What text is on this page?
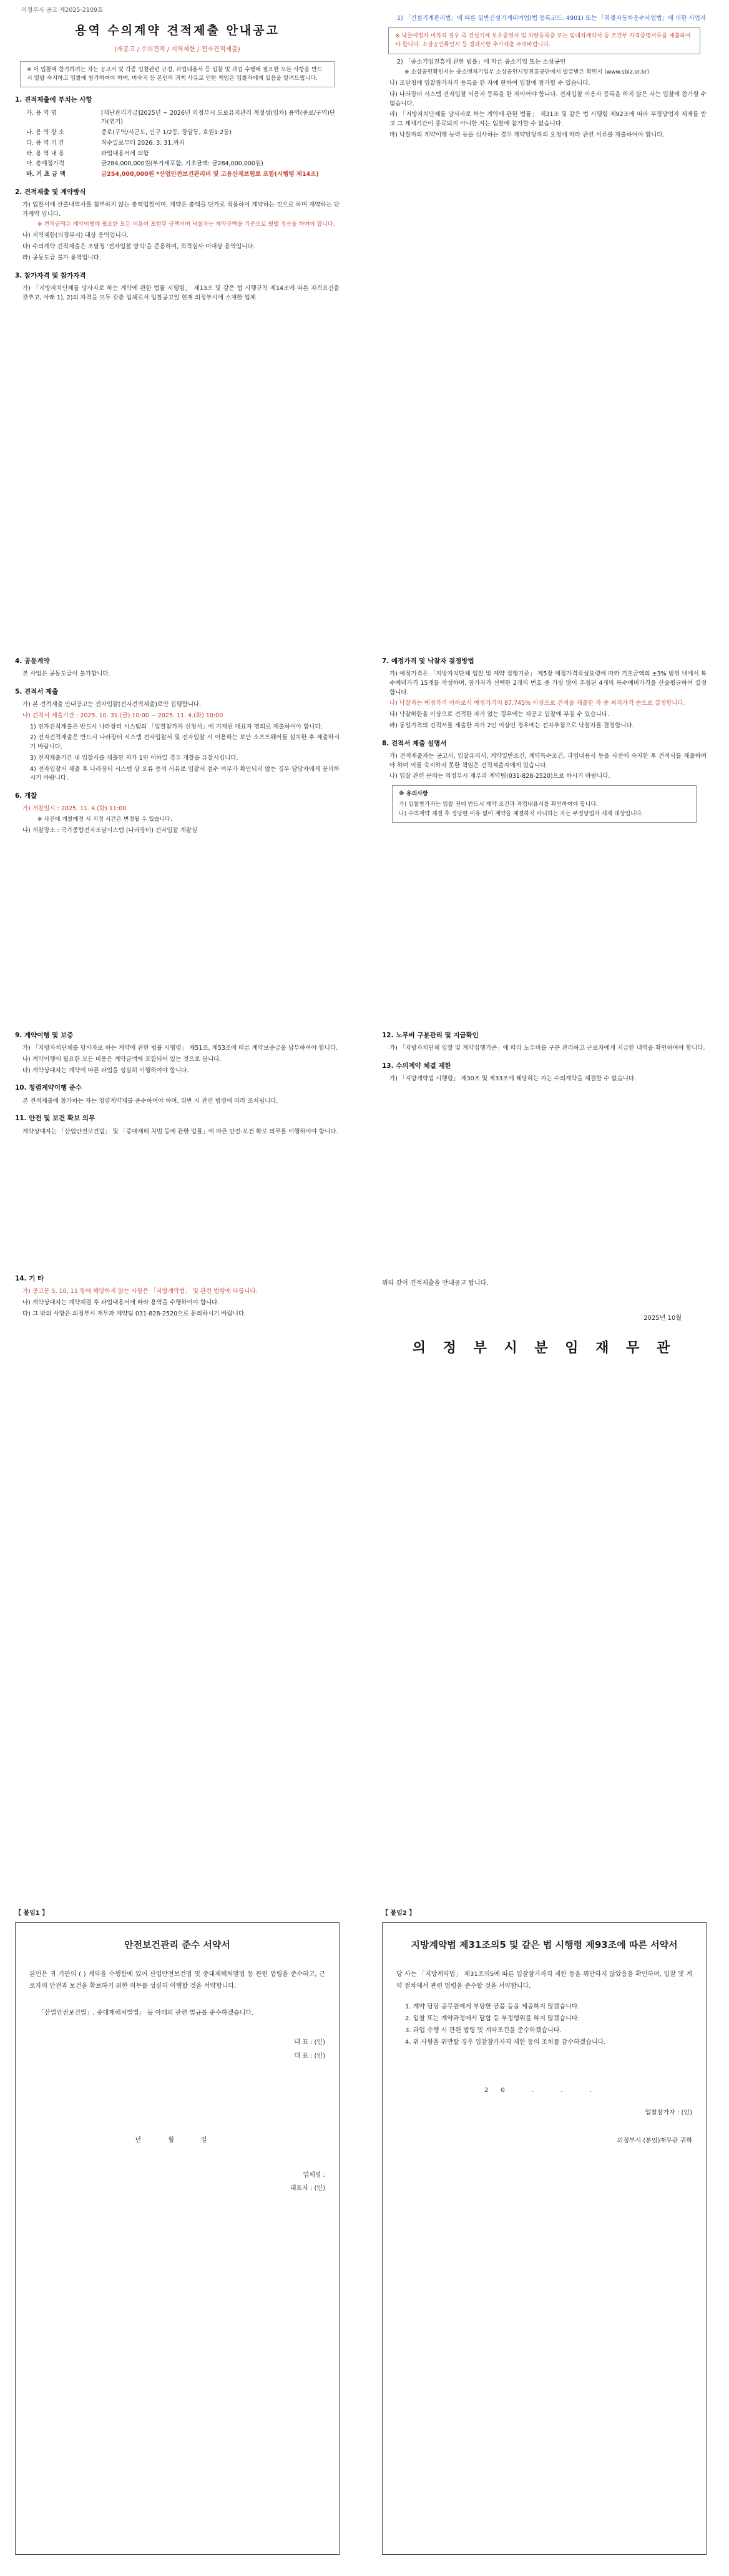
의정부시 공고 제2025-2109호
용역 수의계약 견적제출 안내공고
(재공고 / 수의견적 / 지역제한 / 전자견적제출)
※ 이 입찰에 참가하려는 자는 공고서 및 각종 입찰관련 규정, 과업내용서 등 입찰 및 과업 수행에 필요한 모든 사항을 반드시 열람 숙지하고 입찰에 참가하여야 하며, 미숙지 등 본인의 귀책 사유로 인한 책임은 입찰자에게 있음을 알려드립니다.
1. 견적제출에 부치는 사항
가. 용 역 명	[재난관리기금]2025년 ~ 2026년 의정부시 도로유지관리 계절성(임차) 용역(중로/구역)단가(연기)
나. 용 역 장 소	중로(구역/시군도, 인구 1/2등, 장암동, 호원1·2동)
다. 용 역 기 간	착수일로부터 2026. 3. 31.까지
라. 용 역 내 용	과업내용서에 의함
마. 총예정가격	금284,000,000원(부가세포함, 기초금액: 금284,000,000원)
바. 기 초 금 액	금254,000,000원 *산업안전보건관리비 및 고용산재보험료 포함(시행령 제14조)
2. 견적제출 및 계약방식
가) 입찰서에 산출내역서를 첨부하지 않는 총액입찰이며, 계약은 총액을 단가로 적용하여 계약하는 것으로 하며 계약하는 단가계약 입니다.
※ 견적금액은 계약이행에 필요한 모든 비용이 포함된 금액이며 낙찰자는 계약금액을 기준으로 월별 정산을 하여야 합니다.
나) 지역제한(의정부시) 대상 용역입니다.
다) 수의계약 견적제출은 조달청 '전자입찰 방식'을 준용하며, 적격심사 미대상 용역입니다.
라) 공동도급 불가 용역입니다.
3. 참가자격 및 참가자격
가) 「지방자치단체를 당사자로 하는 계약에 관한 법률 시행령」 제13조 및 같은 법 시행규칙 제14조에 따른 자격요건을 갖추고, 아래 1), 2)의 자격을 모두 갖춘 업체로서 입찰공고일 현재 의정부시에 소재한 업체
1) 「건설기계관리법」에 따른 일반건설기계대여업(법 등록코드: 4901) 또는 「화물자동차운수사업법」에 의한 사업자
※ 낙찰예정자 미자격 경우 즉 건설기계 보유증명서 및 차량등록증 또는 임대차계약서 등 조건부 자격증명서류를 제출하여야 합니다. 소상공인확인서 등 경과사항 추가제출 주의바랍니다.
2) 「중소기업진흥에 관한 법률」에 따른 중소기업 또는 소상공인
※ 소상공인확인서는 중소벤처기업부 소상공인시장진흥공단에서 발급받은 확인서 (www.sbiz.or.kr)
나) 조달청에 입찰참가자격 등록을 한 자에 한하여 입찰에 참가할 수 있습니다.
다) 나라장터 시스템 전자입찰 이용자 등록을 한 자이어야 합니다. 전자입찰 이용자 등록을 하지 않은 자는 입찰에 참가할 수 없습니다.
라) 「지방자치단체를 당사자로 하는 계약에 관한 법률」 제31조 및 같은 법 시행령 제92조에 따라 부정당업자 제재를 받고 그 제재기간이 종료되지 아니한 자는 입찰에 참가할 수 없습니다.
마) 낙찰자의 계약이행 능력 등을 심사하는 경우 계약담당자의 요청에 따라 관련 서류를 제출하여야 합니다.
4. 공동계약
본 사업은 공동도급이 불가합니다.
5. 견적서 제출
가) 본 견적제출 안내공고는 전자입찰(전자견적제출)로만 집행합니다.
나) 견적서 제출기간 : 2025. 10. 31.(금) 10:00 ~ 2025. 11. 4.(화) 10:00
1) 전자견적제출은 반드시 나라장터 시스템의 「입찰참가자 신청서」에 기재된 대표자 명의로 제출하여야 합니다.
2) 전자견적제출은 반드시 나라장터 시스템 전자입찰서 및 전자입찰 시 이용하는 보안 소프트웨어를 설치한 후 제출하시기 바랍니다.
3) 견적제출기간 내 입찰서를 제출한 자가 1인 이하일 경우 개찰을 유찰시킵니다.
4) 전자입찰서 제출 후 나라장터 시스템 상 오류 등의 사유로 입찰서 접수 여부가 확인되지 않는 경우 담당자에게 문의하시기 바랍니다.
6. 개찰
가) 개찰일시 : 2025. 11. 4.(화) 11:00
※ 사전에 개찰예정 시 지정 시간은 변경될 수 있습니다.
나) 개찰장소 : 국가종합전자조달시스템 (나라장터) 전자입찰 개찰실
7. 예정가격 및 낙찰자 결정방법
가) 예정가격은 「지방자치단체 입찰 및 계약 집행기준」 제5장 예정가격작성요령에 따라 기초금액의 ±3% 범위 내에서 복수예비가격 15개를 작성하며, 참가자가 선택한 2개의 번호 중 가장 많이 추첨된 4개의 복수예비가격을 산술평균하여 결정합니다.
나) 낙찰자는 예정가격 이하로서 예정가격의 87.745% 이상으로 견적을 제출한 자 중 최저가격 순으로 결정합니다.
다) 낙찰하한율 이상으로 견적한 자가 없는 경우에는 재공고 입찰에 부칠 수 있습니다.
라) 동일가격의 견적서를 제출한 자가 2인 이상인 경우에는 전자추첨으로 낙찰자를 결정합니다.
8. 견적서 제출 설명서
가) 견적제출자는 공고서, 입찰유의서, 계약일반조건, 계약특수조건, 과업내용서 등을 사전에 숙지한 후 견적서를 제출하여야 하며 이를 숙지하지 못한 책임은 견적제출자에게 있습니다.
나) 입찰 관련 문의는 의정부시 재무과 계약팀(031-828-2520)으로 하시기 바랍니다.
※ 유의사항
가) 입찰참가자는 입찰 전에 반드시 계약 조건과 과업내용서를 확인하여야 합니다.
나) 수의계약 체결 후 정당한 이유 없이 계약을 체결하지 아니하는 자는 부정당업자 제재 대상입니다.
9. 계약이행 및 보증
가) 「지방자치단체를 당사자로 하는 계약에 관한 법률 시행령」 제51조, 제53조에 따른 계약보증금을 납부하여야 합니다.
나) 계약이행에 필요한 모든 비용은 계약금액에 포함되어 있는 것으로 봅니다.
다) 계약상대자는 계약에 따른 과업을 성실히 이행하여야 합니다.
10. 청렴계약이행 준수
본 견적제출에 참가하는 자는 청렴계약제를 준수하여야 하며, 위반 시 관련 법령에 따라 조치됩니다.
11. 안전 및 보건 확보 의무
계약상대자는 「산업안전보건법」 및 「중대재해 처벌 등에 관한 법률」에 따른 안전·보건 확보 의무를 이행하여야 합니다.
12. 노무비 구분관리 및 지급확인
가) 「지방자치단체 입찰 및 계약집행기준」에 따라 노무비를 구분 관리하고 근로자에게 지급한 내역을 확인하여야 합니다.
13. 수의계약 체결 제한
가) 「지방계약법 시행령」 제30조 및 제33조에 해당하는 자는 수의계약을 체결할 수 없습니다.
14. 기 타
가) 공고문 5, 10, 11 항에 해당하지 않는 사항은 「지방계약법」 및 관련 법령에 따릅니다.
나) 계약상대자는 계약체결 후 과업내용서에 따라 용역을 수행하여야 합니다.
다) 그 밖의 사항은 의정부시 재무과 계약팀 031-828-2520으로 문의하시기 바랍니다.
위와 같이 견적제출을 안내공고 합니다.
2025년 10월
의 정 부 시 분 임 재 무 관
【 붙임1 】
안전보건관리 준수 서약서
본인은 귀 기관의 ( ) 계약을 수행함에 있어 산업안전보건법 및 중대재해처벌법 등 관련 법령을 준수하고, 근로자의 안전과 보건을 확보하기 위한 의무를 성실히 이행할 것을 서약합니다.
「산업안전보건법」, 중대재해처벌법」 등 아래의 관련 법규를 준수하겠습니다.
대 표 : (인)
대 표 : (인)
년 월 일
업체명 :
대표자 : (인)
【 붙임2 】
지방계약법 제31조의5 및 같은 법 시행령 제93조에 따른 서약서
당 사는 「지방계약법」 제31조의5에 따른 입찰참가자격 제한 등을 위반하지 않았음을 확인하며, 입찰 및 계약 절차에서 관련 법령을 준수할 것을 서약합니다.
1. 계약 담당 공무원에게 부당한 금품 등을 제공하지 않겠습니다.
2. 입찰 또는 계약과정에서 담합 등 부정행위를 하지 않겠습니다.
3. 과업 수행 시 관련 법령 및 계약조건을 준수하겠습니다.
4. 위 사항을 위반할 경우 입찰참가자격 제한 등의 조치를 감수하겠습니다.
20 . . .
입찰참가자 : (인)
의정부시 (분임)재무관 귀하
